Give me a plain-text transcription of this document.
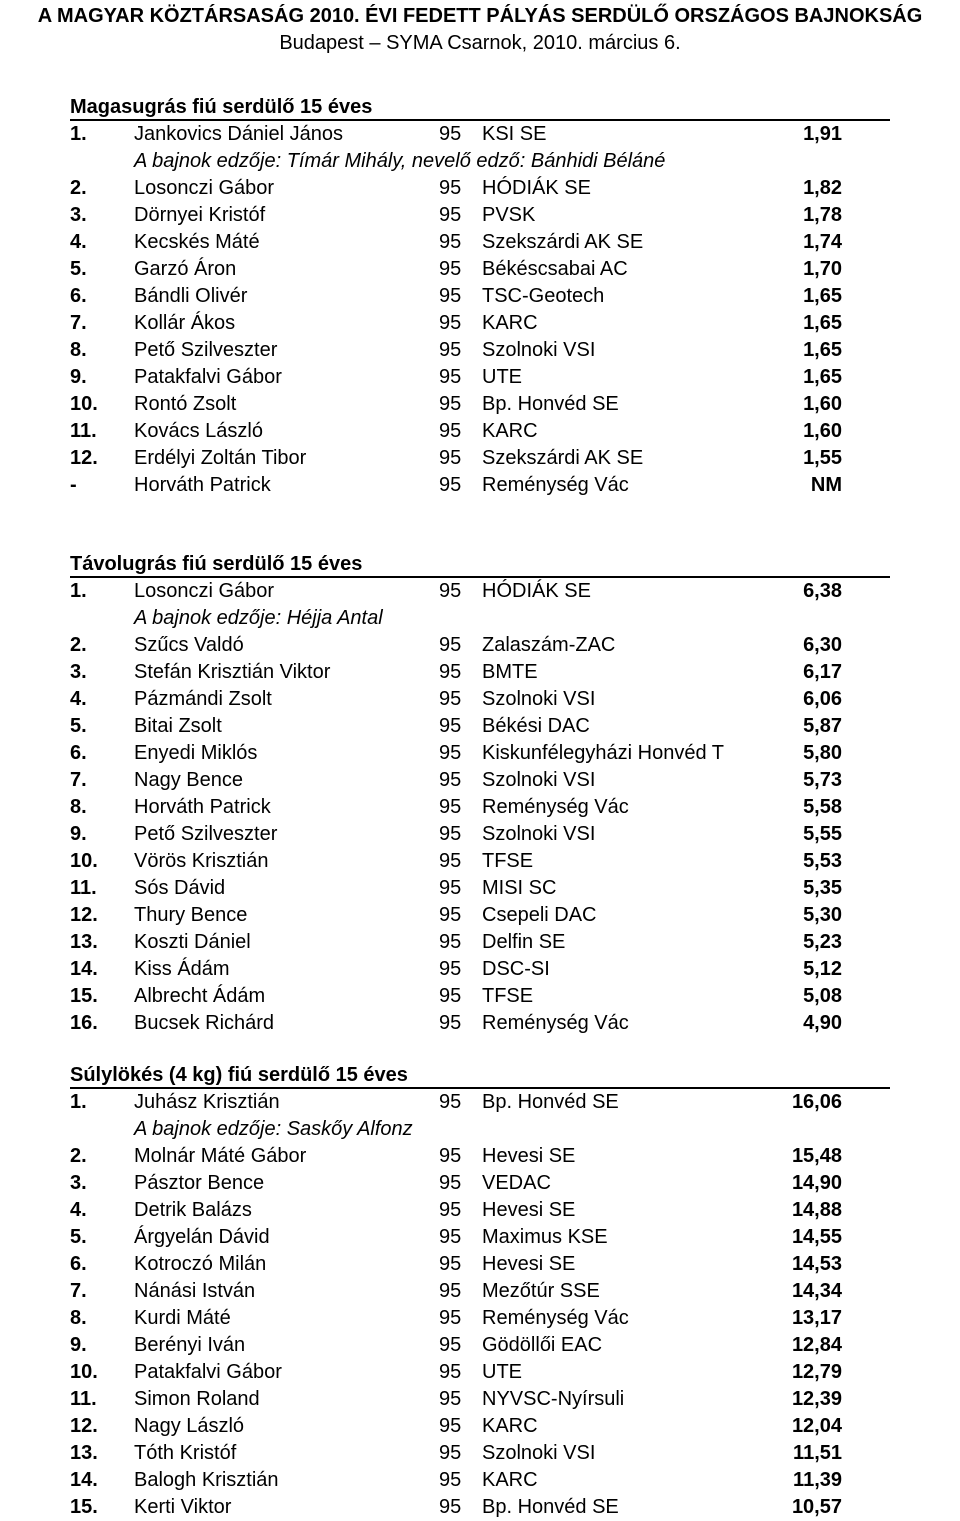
A MAGYAR KÖZTÁRSASÁG 2010. ÉVI FEDETT PÁLYÁS SERDÜLŐ ORSZÁGOS BAJNOKSÁG
Budapest – SYMA Csarnok, 2010. március 6.
Magasugrás fiú serdülő 15 éves
1. Jankovics Dániel János	95 KSI SE	1,91
A bajnok edzője: Tímár Mihály, nevelő edző: Bánhidi Béláné
2. Losonczi Gábor	95 HÓDIÁK SE	1,82
3. Dörnyei Kristóf	95 PVSK	1,78
4. Kecskés Máté	95 Szekszárdi AK SE	1,74
5. Garzó Áron	95 Békéscsabai AC	1,70
6. Bándli Olivér	95 TSC-Geotech	1,65
7. Kollár Ákos	95 KARC	1,65
8. Pető Szilveszter	95 Szolnoki VSI	1,65
9. Patakfalvi Gábor	95 UTE	1,65
10. Rontó Zsolt	95 Bp. Honvéd SE	1,60
11. Kovács László	95 KARC	1,60
12. Erdélyi Zoltán Tibor	95 Szekszárdi AK SE	1,55
-	Horváth Patrick	95 Reménység Vác	NM
Távolugrás fiú serdülő 15 éves
1. Losonczi Gábor	95 HÓDIÁK SE	6,38
A bajnok edzője: Héjja Antal
2. Szűcs Valdó	95 Zalaszám-ZAC	6,30
3. Stefán Krisztián Viktor	95 BMTE	6,17
4. Pázmándi Zsolt	95 Szolnoki VSI	6,06
5. Bitai Zsolt	95 Békési DAC	5,87
6. Enyedi Miklós	95 Kiskunfélegyházi Honvéd T	5,80
7. Nagy Bence	95 Szolnoki VSI	5,73
8. Horváth Patrick	95 Reménység Vác	5,58
9. Pető Szilveszter	95 Szolnoki VSI	5,55
10. Vörös Krisztián	95 TFSE	5,53
11. Sós Dávid	95 MISI SC	5,35
12. Thury Bence	95 Csepeli DAC	5,30
13. Koszti Dániel	95 Delfin SE	5,23
14. Kiss Ádám	95 DSC-SI	5,12
15. Albrecht Ádám	95 TFSE	5,08
16. Bucsek Richárd	95 Reménység Vác	4,90
Súlylökés (4 kg) fiú serdülő 15 éves
1. Juhász Krisztián	95 Bp. Honvéd SE	16,06
A bajnok edzője: Saskőy Alfonz
2. Molnár Máté Gábor	95 Hevesi SE	15,48
3. Pásztor Bence	95 VEDAC	14,90
4. Detrik Balázs	95 Hevesi SE	14,88
5. Árgyelán Dávid	95 Maximus KSE	14,55
6. Kotroczó Milán	95 Hevesi SE	14,53
7. Nánási István	95 Mezőtúr SSE	14,34
8. Kurdi Máté	95 Reménység Vác	13,17
9. Berényi Iván	95 Gödöllői EAC	12,84
10. Patakfalvi Gábor	95 UTE	12,79
11. Simon Roland	95 NYVSC-Nyírsuli	12,39
12. Nagy László	95 KARC	12,04
13. Tóth Kristóf	95 Szolnoki VSI	11,51
14. Balogh Krisztián	95 KARC	11,39
15. Kerti Viktor	95 Bp. Honvéd SE	10,57
